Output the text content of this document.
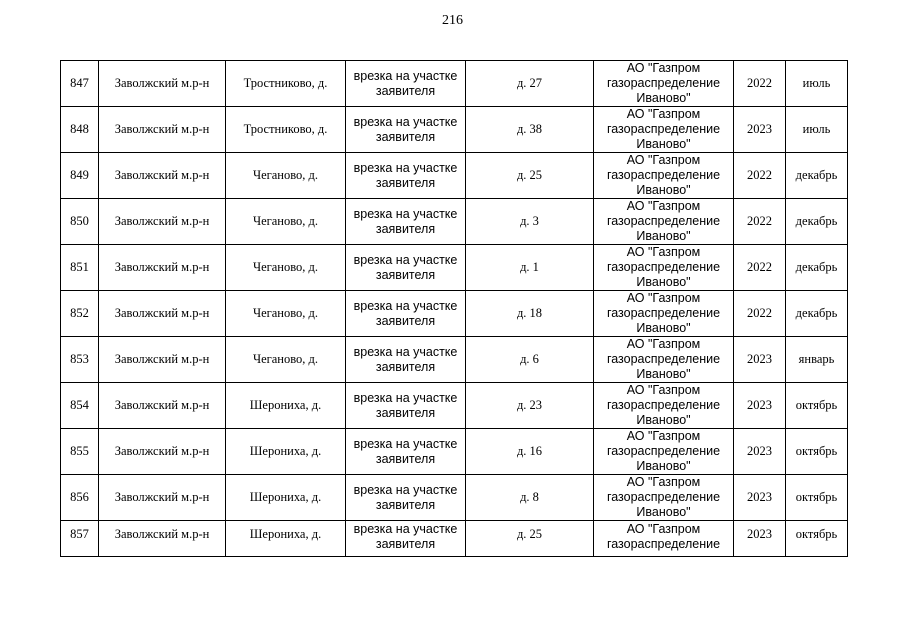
216
847	Заволжский м.р-н	Тростниково, д.	врезка на участке заявителя	д. 27	АО "Газпром газораспределение Иваново"	2022	июль
848	Заволжский м.р-н	Тростниково, д.	врезка на участке заявителя	д. 38	АО "Газпром газораспределение Иваново"	2023	июль
849	Заволжский м.р-н	Чеганово, д.	врезка на участке заявителя	д. 25	АО "Газпром газораспределение Иваново"	2022	декабрь
850	Заволжский м.р-н	Чеганово, д.	врезка на участке заявителя	д. 3	АО "Газпром газораспределение Иваново"	2022	декабрь
851	Заволжский м.р-н	Чеганово, д.	врезка на участке заявителя	д. 1	АО "Газпром газораспределение Иваново"	2022	декабрь
852	Заволжский м.р-н	Чеганово, д.	врезка на участке заявителя	д. 18	АО "Газпром газораспределение Иваново"	2022	декабрь
853	Заволжский м.р-н	Чеганово, д.	врезка на участке заявителя	д. 6	АО "Газпром газораспределение Иваново"	2023	январь
854	Заволжский м.р-н	Шерониха, д.	врезка на участке заявителя	д. 23	АО "Газпром газораспределение Иваново"	2023	октябрь
855	Заволжский м.р-н	Шерониха, д.	врезка на участке заявителя	д. 16	АО "Газпром газораспределение Иваново"	2023	октябрь
856	Заволжский м.р-н	Шерониха, д.	врезка на участке заявителя	д. 8	АО "Газпром газораспределение Иваново"	2023	октябрь
857	Заволжский м.р-н	Шерониха, д.	врезка на участке заявителя	д. 25	АО "Газпром газораспределение	2023	октябрь
